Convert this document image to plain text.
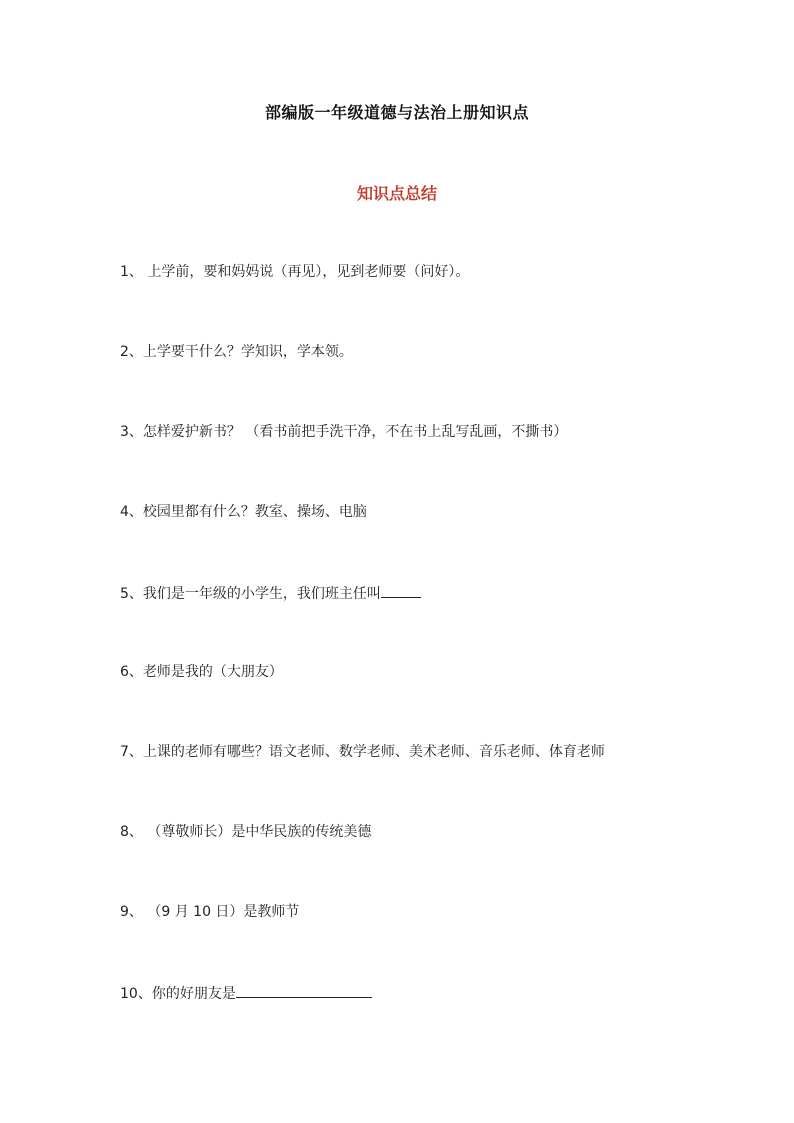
部编版一年级道德与法治上册知识点
知识点总结
1、 上学前，要和妈妈说（再见），见到老师要（问好）。
2、上学要干什么？学知识，学本领。
3、怎样爱护新书？ （看书前把手洗干净，不在书上乱写乱画，不撕书）
4、校园里都有什么？教室、操场、电脑
5、我们是一年级的小学生，我们班主任叫
6、老师是我的（大朋友）
7、上课的老师有哪些？语文老师、数学老师、美术老师、音乐老师、体育老师
8、 （尊敬师长）是中华民族的传统美德
9、 （9 月 10 日）是教师节
10、你的好朋友是
